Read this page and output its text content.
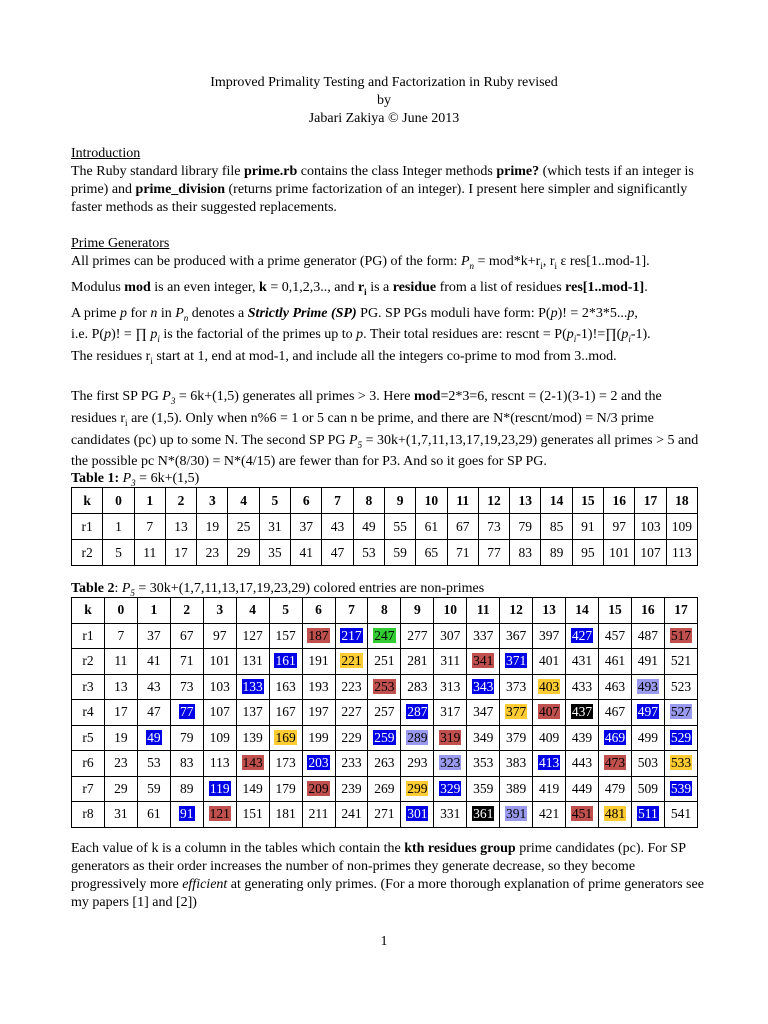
Improved Primality Testing and Factorization in Ruby revised

by

Jabari Zakiya © June 2013

Introduction

The Ruby standard library file prime.rb contains the class Integer methods prime? (which tests if an integer is prime) and prime_division (returns prime factorization of an integer). I present here simpler and significantly faster methods as their suggested replacements.

Prime Generators

All primes can be produced with a prime generator (PG) of the form: $P_n = mod*k+r_i$, $r_i$ ε res[1..mod-1].

Modulus mod is an even integer, k = 0,1,2,3.., and $r_i$ is a residue from a list of residues res[1..mod-1].

A prime p for n in $P_n$ denotes a Strictly Prime (SP) PG. SP PGs moduli have form: P(p)! = 2*3*5...p,

i.e. P(p)! = ∏ $p_i$ is the factorial of the primes up to p. Their total residues are: rescnt = $P(p_i-1)!=\prod(p_i-1)$.

The residues $r_i$ start at 1, end at mod-1, and include all the integers co-prime to mod from 3..mod.

The first SP PG $P_3 = 6k+(1,5)$ generates all primes > 3. Here mod=2*3=6, rescnt = (2-1)(3-1) = 2 and the residues $r_i$ are (1,5). Only when n%6 = 1 or 5 can n be prime, and there are N*(rescnt/mod) = N/3 prime candidates (pc) up to some N. The second SP PG $P_5 = 30k+(1,7,11,13,17,19,23,29)$ generates all primes > 5 and the possible pc N*(8/30) = N*(4/15) are fewer than for P3. And so it goes for SP PG.

Table 1: $P_3 = 6k+(1,5)$

k	0	1	2	3	4	5	6	7	8	9	10	11	12	13	14	15	16	17	18
r1	1	7	13	19	25	31	37	43	49	55	61	67	73	79	85	91	97	103	109
r2	5	11	17	23	29	35	41	47	53	59	65	71	77	83	89	95	101	107	113

Table 2: $P_5 = 30k+(1,7,11,13,17,19,23,29)$ colored entries are non-primes

k	0	1	2	3	4	5	6	7	8	9	10	11	12	13	14	15	16	17
r1	7	37	67	97	127	157	187	217	247	277	307	337	367	397	427	457	487	517
r2	11	41	71	101	131	161	191	221	251	281	311	341	371	401	431	461	491	521
r3	13	43	73	103	133	163	193	223	253	283	313	343	373	403	433	463	493	523
r4	17	47	77	107	137	167	197	227	257	287	317	347	377	407	437	467	497	527
r5	19	49	79	109	139	169	199	229	259	289	319	349	379	409	439	469	499	529
r6	23	53	83	113	143	173	203	233	263	293	323	353	383	413	443	473	503	533
r7	29	59	89	119	149	179	209	239	269	299	329	359	389	419	449	479	509	539
r8	31	61	91	121	151	181	211	241	271	301	331	361	391	421	451	481	511	541

Each value of k is a column in the tables which contain the kth residues group prime candidates (pc). For SP generators as their order increases the number of non-primes they generate decrease, so they become progressively more efficient at generating only primes. (For a more thorough explanation of prime generators see my papers [1] and [2])

1
